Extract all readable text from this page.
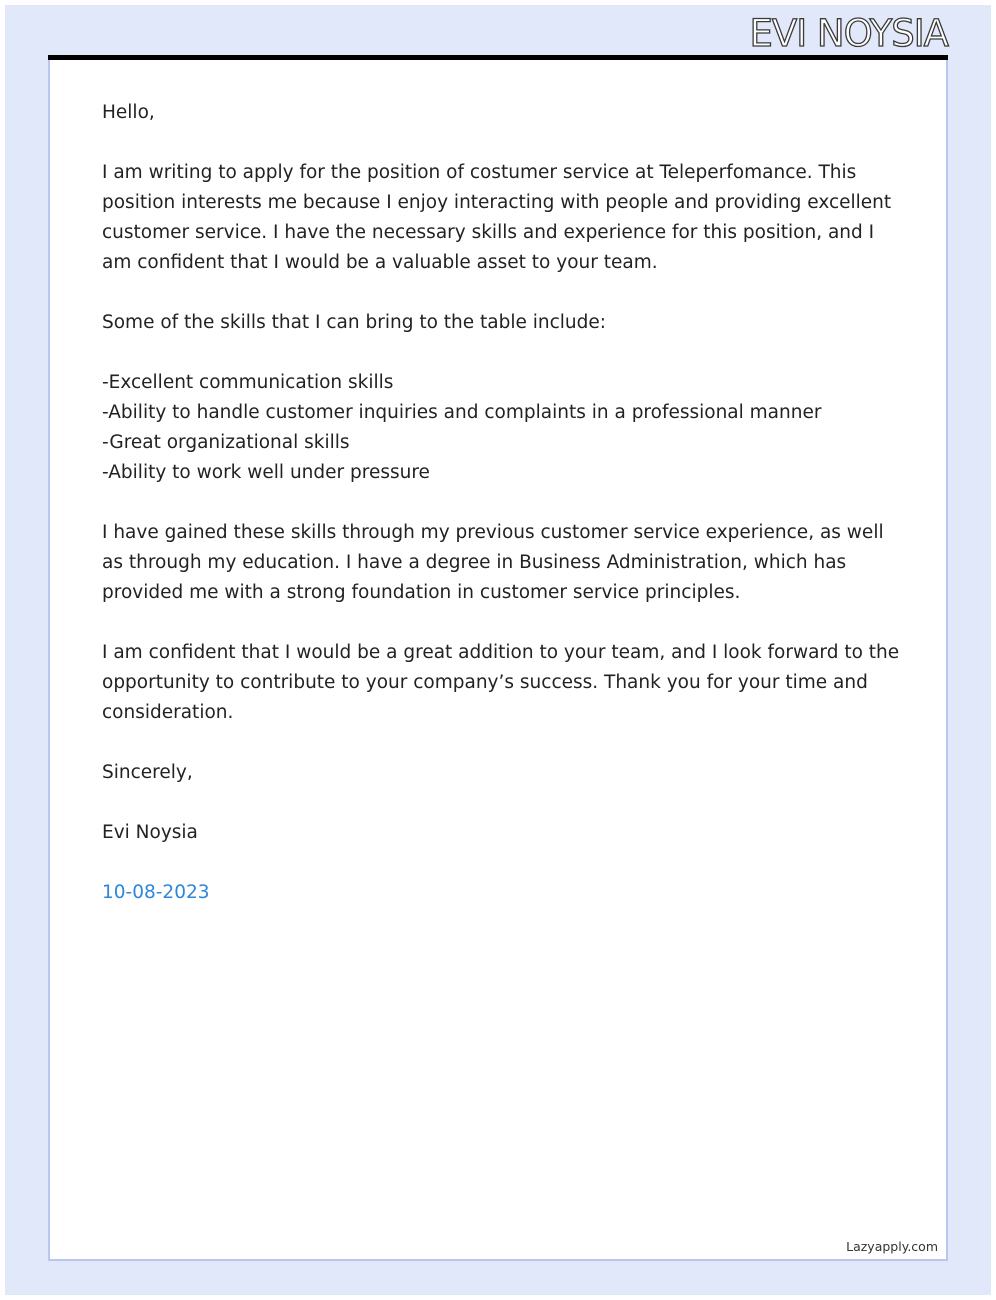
EVI NOYSIA

Hello,

I am writing to apply for the position of costumer service at Teleperfomance. This position interests me because I enjoy interacting with people and providing excellent customer service. I have the necessary skills and experience for this position, and I am confident that I would be a valuable asset to your team.

Some of the skills that I can bring to the table include:

-Excellent communication skills
-Ability to handle customer inquiries and complaints in a professional manner
-Great organizational skills
-Ability to work well under pressure

I have gained these skills through my previous customer service experience, as well as through my education. I have a degree in Business Administration, which has provided me with a strong foundation in customer service principles.

I am confident that I would be a great addition to your team, and I look forward to the opportunity to contribute to your company’s success. Thank you for your time and consideration.

Sincerely,

Evi Noysia

10-08-2023

Lazyapply.com
